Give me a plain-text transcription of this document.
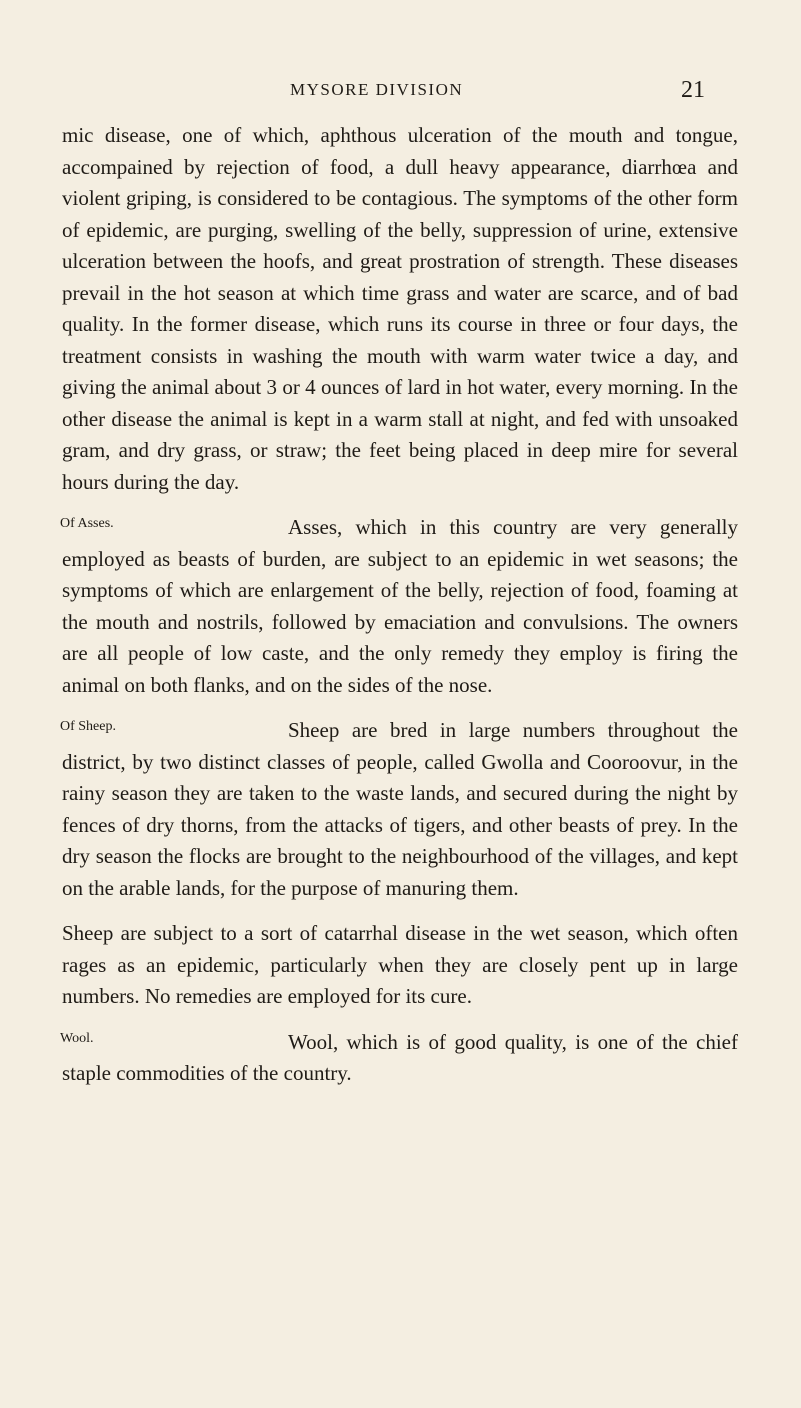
MYSORE DIVISION	21

mic disease, one of which, aphthous ulceration of the mouth and tongue, accompained by rejection of food, a dull heavy appearance, diarrhœa and violent griping, is considered to be contagious. The symptoms of the other form of epidemic, are purging, swelling of the belly, suppression of urine, extensive ulceration between the hoofs, and great prostration of strength. These diseases prevail in the hot season at which time grass and water are scarce, and of bad quality. In the former disease, which runs its course in three or four days, the treatment consists in washing the mouth with warm water twice a day, and giving the animal about 3 or 4 ounces of lard in hot water, every morning. In the other disease the animal is kept in a warm stall at night, and fed with unsoaked gram, and dry grass, or straw; the feet being placed in deep mire for several hours during the day.

Of Asses.	Asses, which in this country are very generally employed as beasts of burden, are subject to an epidemic in wet seasons; the symptoms of which are enlargement of the belly, rejection of food, foaming at the mouth and nostrils, followed by emaciation and convulsions. The owners are all people of low caste, and the only remedy they employ is firing the animal on both flanks, and on the sides of the nose.

Of Sheep.	Sheep are bred in large numbers throughout the district, by two distinct classes of people, called Gwolla and Cooroovur, in the rainy season they are taken to the waste lands, and secured during the night by fences of dry thorns, from the attacks of tigers, and other beasts of prey. In the dry season the flocks are brought to the neighbourhood of the villages, and kept on the arable lands, for the purpose of manuring them.

Sheep are subject to a sort of catarrhal disease in the wet season, which often rages as an epidemic, particularly when they are closely pent up in large numbers. No remedies are employed for its cure.

Wool.	Wool, which is of good quality, is one of the chief staple commodities of the country.
